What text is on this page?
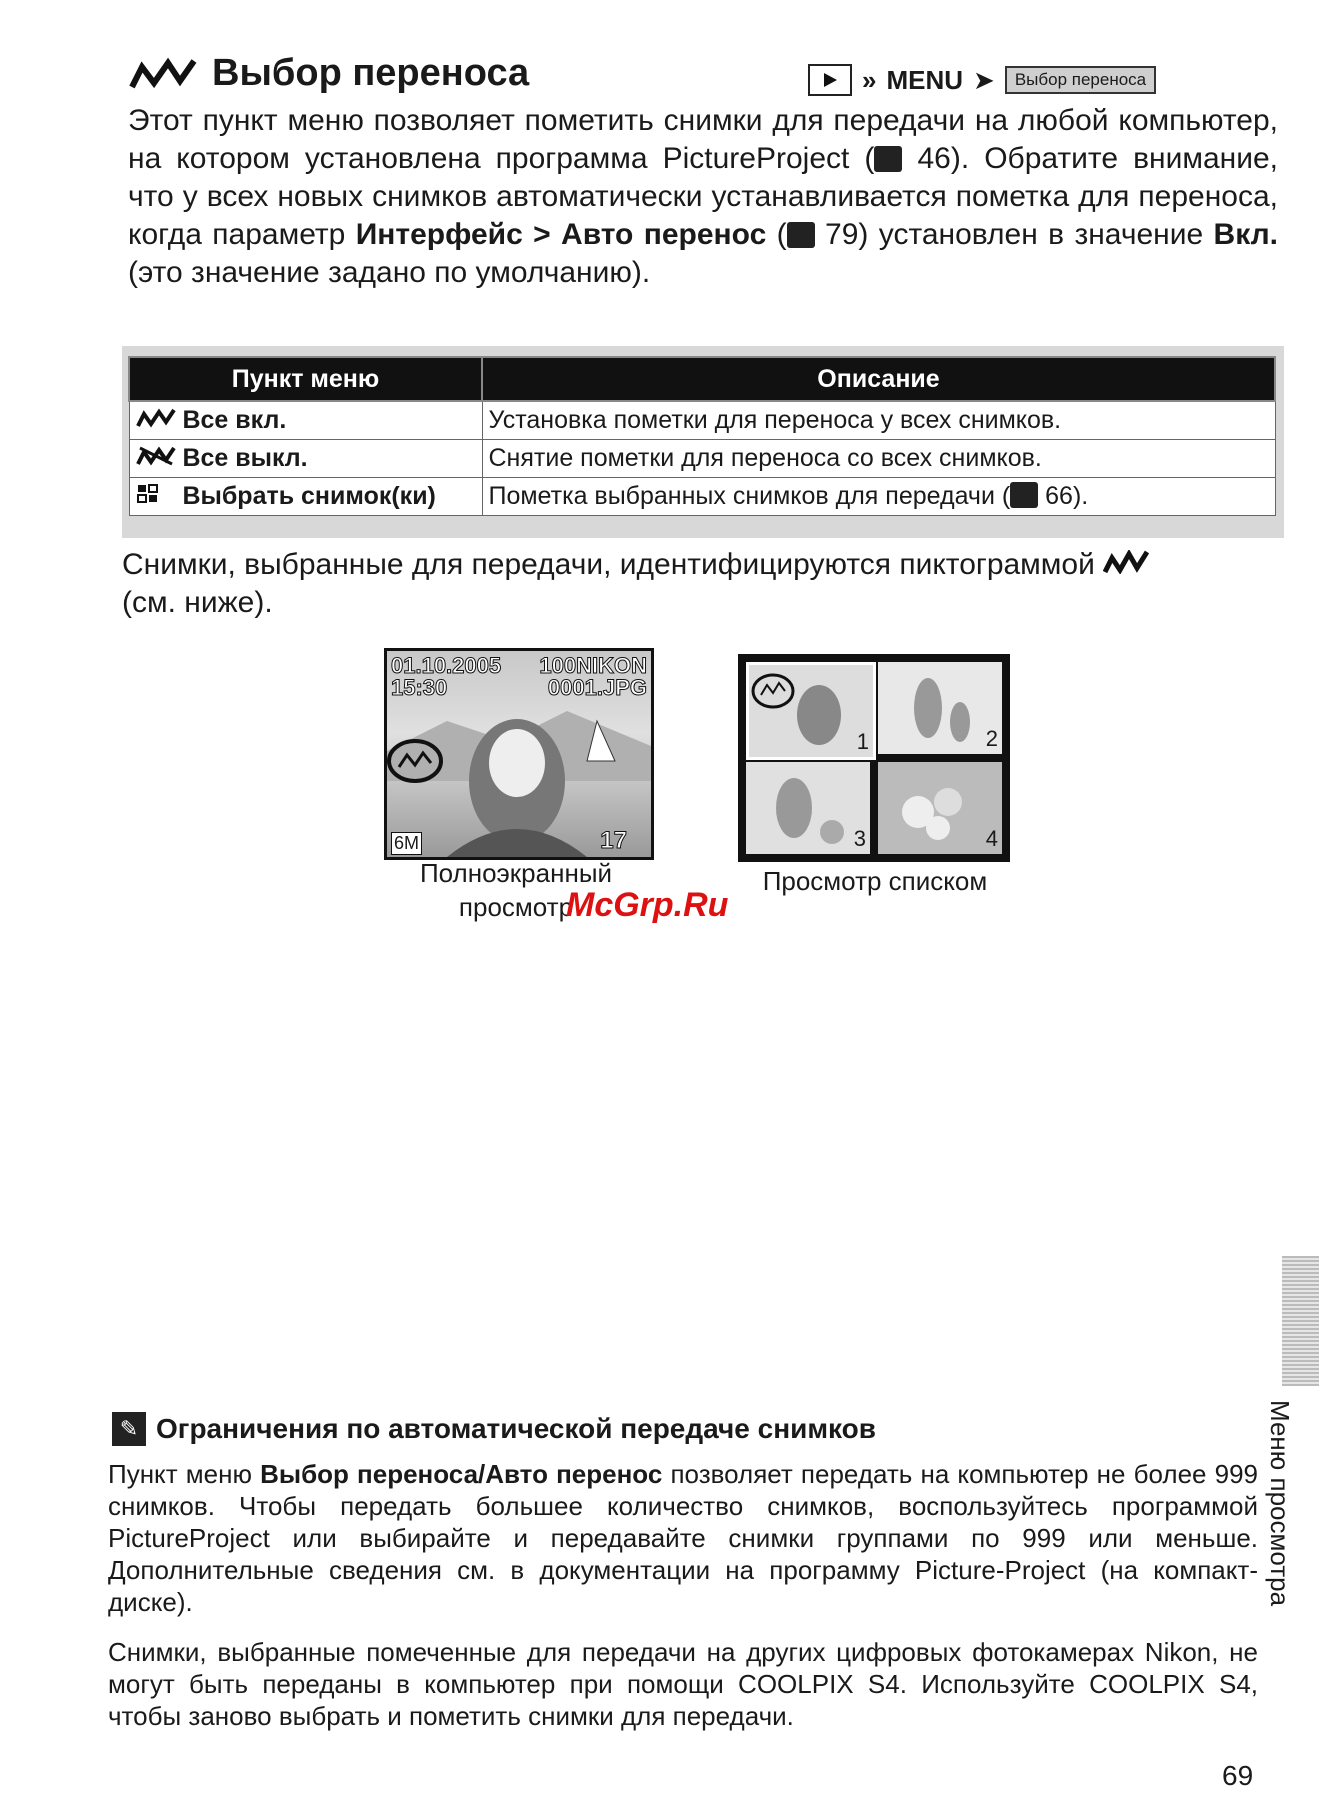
Выбор переноса	» MENU ➤	Выбор переноса
Этот пункт меню позволяет пометить снимки для передачи на любой компьютер, на котором установлена программа PictureProject ( 46). Обратите внимание, что у всех новых снимков автоматически устанавливается пометка для переноса, когда параметр Интерфейс > Авто перенос ( 79) установлен в значение Вкл. (это значение задано по умолчанию).
Пункт меню	Описание
Все вкл.	Установка пометки для переноса у всех снимков.
Все выкл.	Снятие пометки для переноса со всех снимков.
Выбрать снимок(ки)	Пометка выбранных снимков для передачи ( 66).
Снимки, выбранные для передачи, идентифицируются пиктограммой
(см. ниже).
01.10.2005
15:30
100NIKON
0001.JPG
6M	17
Полноэкранный
просмотр
1	2
3	4
Просмотр списком
McGrp.Ru
Меню просмотра
✎ Ограничения по автоматической передаче снимков
Пункт меню Выбор переноса/Авто перенос позволяет передать на компьютер не более 999 снимков. Чтобы передать большее количество снимков, воспользуйтесь программой PictureProject или выбирайте и передавайте снимки группами по 999 или меньше. Дополнительные сведения см. в документации на программу Picture-Project (на компакт-диске).
Снимки, выбранные помеченные для передачи на других цифровых фотокамерах Nikon, не могут быть переданы в компьютер при помощи COOLPIX S4. Используйте COOLPIX S4, чтобы заново выбрать и пометить снимки для передачи.
69
